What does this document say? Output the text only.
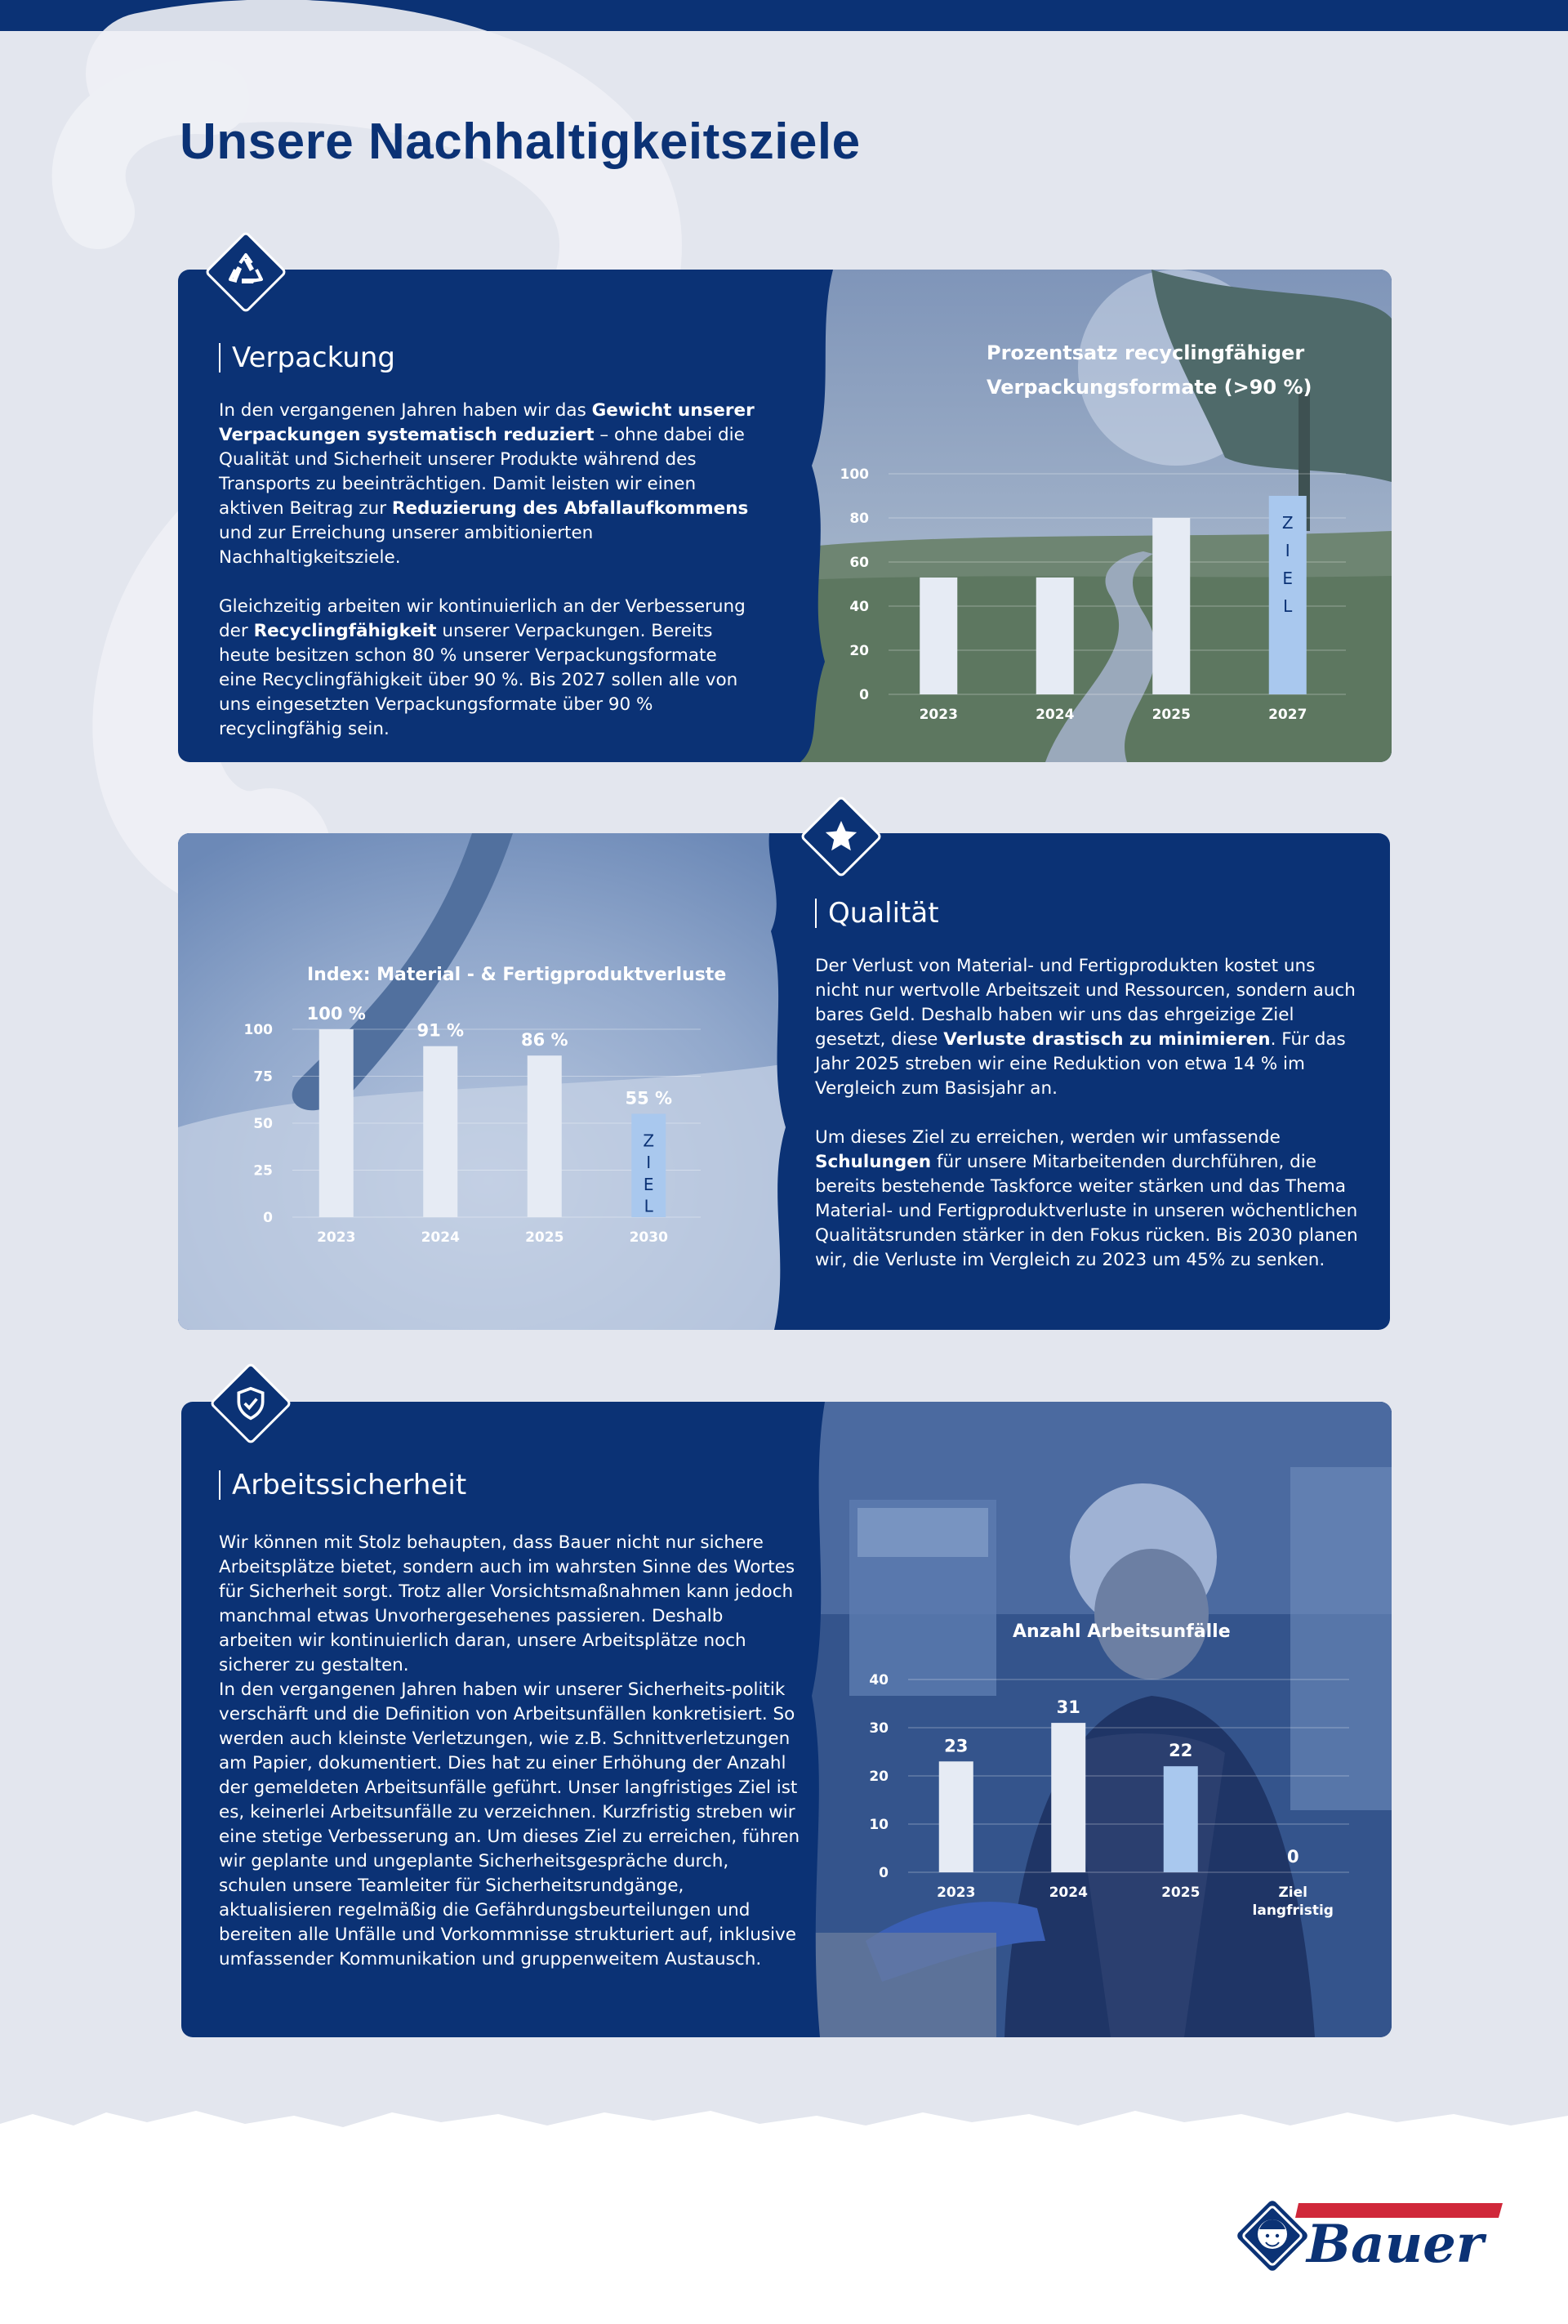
Unsere Nachhaltigkeitsziele
Verpackung

In den vergangenen Jahren haben wir das Gewicht unserer Verpackungen systematisch reduziert – ohne dabei die Qualität und Sicherheit unserer Produkte während des Transports zu beeinträchtigen. Damit leisten wir einen aktiven Beitrag zur Reduzierung des Abfallaufkommens und zur Erreichung unserer ambitionierten Nachhaltigkeitsziele.

Gleichzeitig arbeiten wir kontinuierlich an der Verbesserung der Recyclingfähigkeit unserer Verpackungen. Bereits heute besitzen schon 80 % unserer Verpackungsformate eine Recyclingfähigkeit über 90 %. Bis 2027 sollen alle von uns eingesetzten Verpackungsformate über 90 % recyclingfähig sein.

Prozentsatz recyclingfähiger
Verpackungsformate (>90 %)
0
20
40
60
80
100
2023	2024	2025
Z
I
E
L
2027
Qualität

Der Verlust von Material- und Fertigprodukten kostet uns nicht nur wertvolle Arbeitszeit und Ressourcen, sondern auch bares Geld. Deshalb haben wir uns das ehrgeizige Ziel gesetzt, diese Verluste drastisch zu minimieren. Für das Jahr 2025 streben wir eine Reduktion von etwa 14 % im Vergleich zum Basisjahr an.

Um dieses Ziel zu erreichen, werden wir umfassende Schulungen für unsere Mitarbeitenden durchführen, die bereits bestehende Taskforce weiter stärken und das Thema Material- und Fertigproduktverluste in unseren wöchentlichen Qualitätsrunden stärker in den Fokus rücken. Bis 2030 planen wir, die Verluste im Vergleich zu 2023 um 45% zu senken.

Index: Material - & Fertigproduktverluste
0
25
50
75
100
100 %
2023
91 %
2024
86 %
2025
Z
I
E
L
55 %
2030
Arbeitssicherheit

Wir können mit Stolz behaupten, dass Bauer nicht nur sichere Arbeitsplätze bietet, sondern auch im wahrsten Sinne des Wortes für Sicherheit sorgt. Trotz aller Vorsichtsmaßnahmen kann jedoch manchmal etwas Unvorhergesehenes passieren. Deshalb arbeiten wir kontinuierlich daran, unsere Arbeitsplätze noch sicherer zu gestalten.

In den vergangenen Jahren haben wir unserer Sicherheits-politik verschärft und die Definition von Arbeitsunfällen konkretisiert. So werden auch kleinste Verletzungen, wie z.B. Schnittverletzungen am Papier, dokumentiert. Dies hat zu einer Erhöhung der Anzahl der gemeldeten Arbeitsunfälle geführt. Unser langfristiges Ziel ist es, keinerlei Arbeitsunfälle zu verzeichnen. Kurzfristig streben wir eine stetige Verbesserung an. Um dieses Ziel zu erreichen, führen wir geplante und ungeplante Sicherheitsgespräche durch, schulen unsere Teamleiter für Sicherheitsrundgänge, aktualisieren regelmäßig die Gefährdungsbeurteilungen und bereiten alle Unfälle und Vorkommnisse strukturiert auf, inklusive umfassender Kommunikation und gruppenweitem Austausch.

Anzahl Arbeitsunfälle
0
10
20
30
40
23
2023
31
2024
22
2025
0
Ziel
langfristig
Bauer
